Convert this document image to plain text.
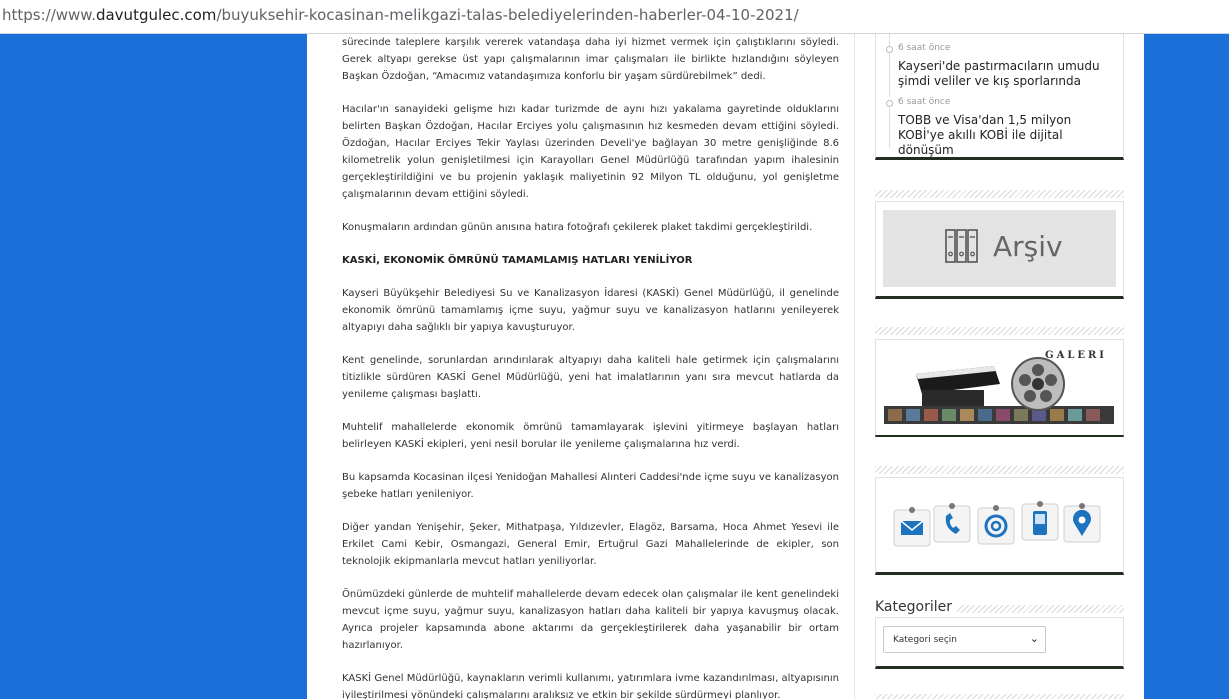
https://www.davutgulec.com/buyuksehir-kocasinan-melikgazi-talas-belediyelerinden-haberler-04-10-2021/

sürecinde taleplere karşılık vererek vatandaşa daha iyi hizmet vermek için çalıştıklarını söyledi. Gerek altyapı gerekse üst yapı çalışmalarının imar çalışmaları ile birlikte hızlandığını söyleyen Başkan Özdoğan, “Amacımız vatandaşımıza konforlu bir yaşam sürdürebilmek” dedi.

Hacılar'ın sanayideki gelişme hızı kadar turizmde de aynı hızı yakalama gayretinde olduklarını belirten Başkan Özdoğan, Hacılar Erciyes yolu çalışmasının hız kesmeden devam ettiğini söyledi. Özdoğan, Hacılar Erciyes Tekir Yaylası üzerinden Develi'ye bağlayan 30 metre genişliğinde 8.6 kilometrelik yolun genişletilmesi için Karayolları Genel Müdürlüğü tarafından yapım ihalesinin gerçekleştirildiğini ve bu projenin yaklaşık maliyetinin 92 Milyon TL olduğunu, yol genişletme çalışmalarının devam ettiğini söyledi.

Konuşmaların ardından günün anısına hatıra fotoğrafı çekilerek plaket takdimi gerçekleştirildi.

KASKİ, EKONOMİK ÖMRÜNÜ TAMAMLAMIŞ HATLARI YENİLİYOR

Kayseri Büyükşehir Belediyesi Su ve Kanalizasyon İdaresi (KASKİ) Genel Müdürlüğü, il genelinde ekonomik ömrünü tamamlamış içme suyu, yağmur suyu ve kanalizasyon hatlarını yenileyerek altyapıyı daha sağlıklı bir yapıya kavuşturuyor.

Kent genelinde, sorunlardan arındırılarak altyapıyı daha kaliteli hale getirmek için çalışmalarını titizlikle sürdüren KASKİ Genel Müdürlüğü, yeni hat imalatlarının yanı sıra mevcut hatlarda da yenileme çalışması başlattı.

Muhtelif mahallelerde ekonomik ömrünü tamamlayarak işlevini yitirmeye başlayan hatları belirleyen KASKİ ekipleri, yeni nesil borular ile yenileme çalışmalarına hız verdi.

Bu kapsamda Kocasinan ilçesi Yenidoğan Mahallesi Alınteri Caddesi'nde içme suyu ve kanalizasyon şebeke hatları yenileniyor.

Diğer yandan Yenişehir, Şeker, Mithatpaşa, Yıldızevler, Elagöz, Barsama, Hoca Ahmet Yesevi ile Erkilet Cami Kebir, Osmangazi, General Emir, Ertuğrul Gazi Mahallelerinde de ekipler, son teknolojik ekipmanlarla mevcut hatları yeniliyorlar.

Önümüzdeki günlerde de muhtelif mahallelerde devam edecek olan çalışmalar ile kent genelindeki mevcut içme suyu, yağmur suyu, kanalizasyon hatları daha kaliteli bir yapıya kavuşmuş olacak. Ayrıca projeler kapsamında abone aktarımı da gerçekleştirilerek daha yaşanabilir bir ortam hazırlanıyor.

KASKİ Genel Müdürlüğü, kaynakların verimli kullanımı, yatırımlara ivme kazandırılması, altyapısının iyileştirilmesi yönündeki çalışmalarını aralıksız ve etkin bir şekilde sürdürmeyi planlıyor.

6 saat önce
Kayseri'de pastırmacıların umudu şimdi veliler ve kış sporlarında
6 saat önce
TOBB ve Visa'dan 1,5 milyon KOBİ'ye akıllı KOBİ ile dijital dönüşüm
Arşiv
GALERI
Kategoriler
Kategori seçin	⌄
